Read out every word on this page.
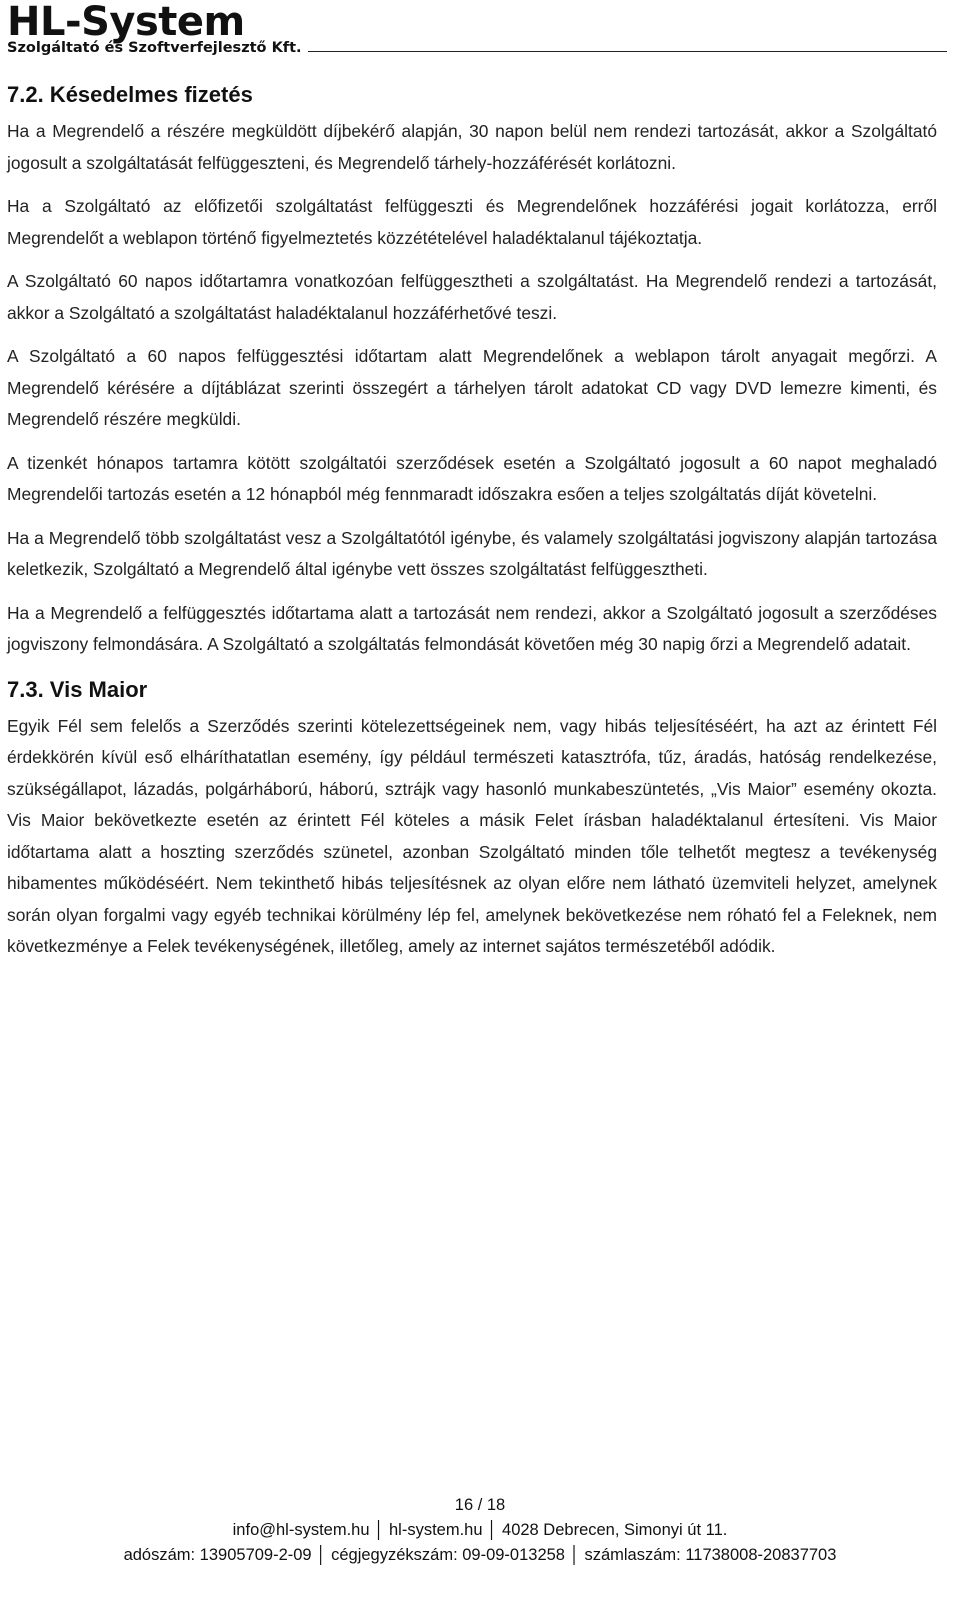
HL-System
Szolgáltató és Szoftverfejlesztő Kft.
7.2. Késedelmes fizetés

Ha a Megrendelő a részére megküldött díjbekérő alapján, 30 napon belül nem rendezi tartozását, akkor a Szolgáltató jogosult a szolgáltatását felfüggeszteni, és Megrendelő tárhely-hozzáférését korlátozni.

Ha a Szolgáltató az előfizetői szolgáltatást felfüggeszti és Megrendelőnek hozzáférési jogait korlátozza, erről Megrendelőt a weblapon történő figyelmeztetés közzétételével haladéktalanul tájékoztatja.

A Szolgáltató 60 napos időtartamra vonatkozóan felfüggesztheti a szolgáltatást. Ha Megrendelő rendezi a tartozását, akkor a Szolgáltató a szolgáltatást haladéktalanul hozzáférhetővé teszi.

A Szolgáltató a 60 napos felfüggesztési időtartam alatt Megrendelőnek a weblapon tárolt anyagait megőrzi. A Megrendelő kérésére a díjtáblázat szerinti összegért a tárhelyen tárolt adatokat CD vagy DVD lemezre kimenti, és Megrendelő részére megküldi.

A tizenkét hónapos tartamra kötött szolgáltatói szerződések esetén a Szolgáltató jogosult a 60 napot meghaladó Megrendelői tartozás esetén a 12 hónapból még fennmaradt időszakra esően a teljes szolgáltatás díját követelni.

Ha a Megrendelő több szolgáltatást vesz a Szolgáltatótól igénybe, és valamely szolgáltatási jogviszony alapján tartozása keletkezik, Szolgáltató a Megrendelő által igénybe vett összes szolgáltatást felfüggesztheti.

Ha a Megrendelő a felfüggesztés időtartama alatt a tartozását nem rendezi, akkor a Szolgáltató jogosult a szerződéses jogviszony felmondására. A Szolgáltató a szolgáltatás felmondását követően még 30 napig őrzi a Megrendelő adatait.

7.3. Vis Maior

Egyik Fél sem felelős a Szerződés szerinti kötelezettségeinek nem, vagy hibás teljesítéséért, ha azt az érintett Fél érdekkörén kívül eső elháríthatatlan esemény, így például természeti katasztrófa, tűz, áradás, hatóság rendelkezése, szükségállapot, lázadás, polgárháború, háború, sztrájk vagy hasonló munkabeszüntetés, „Vis Maior” esemény okozta. Vis Maior bekövetkezte esetén az érintett Fél köteles a másik Felet írásban haladéktalanul értesíteni. Vis Maior időtartama alatt a hoszting szerződés szünetel, azonban Szolgáltató minden tőle telhetőt megtesz a tevékenység hibamentes működéséért. Nem tekinthető hibás teljesítésnek az olyan előre nem látható üzemviteli helyzet, amelynek során olyan forgalmi vagy egyéb technikai körülmény lép fel, amelynek bekövetkezése nem róható fel a Feleknek, nem következménye a Felek tevékenységének, illetőleg, amely az internet sajátos természetéből adódik.

16 / 18
info@hl-system.hu │ hl-system.hu │ 4028 Debrecen, Simonyi út 11.
adószám: 13905709-2-09 │ cégjegyzékszám: 09-09-013258 │ számlaszám: 11738008-20837703
